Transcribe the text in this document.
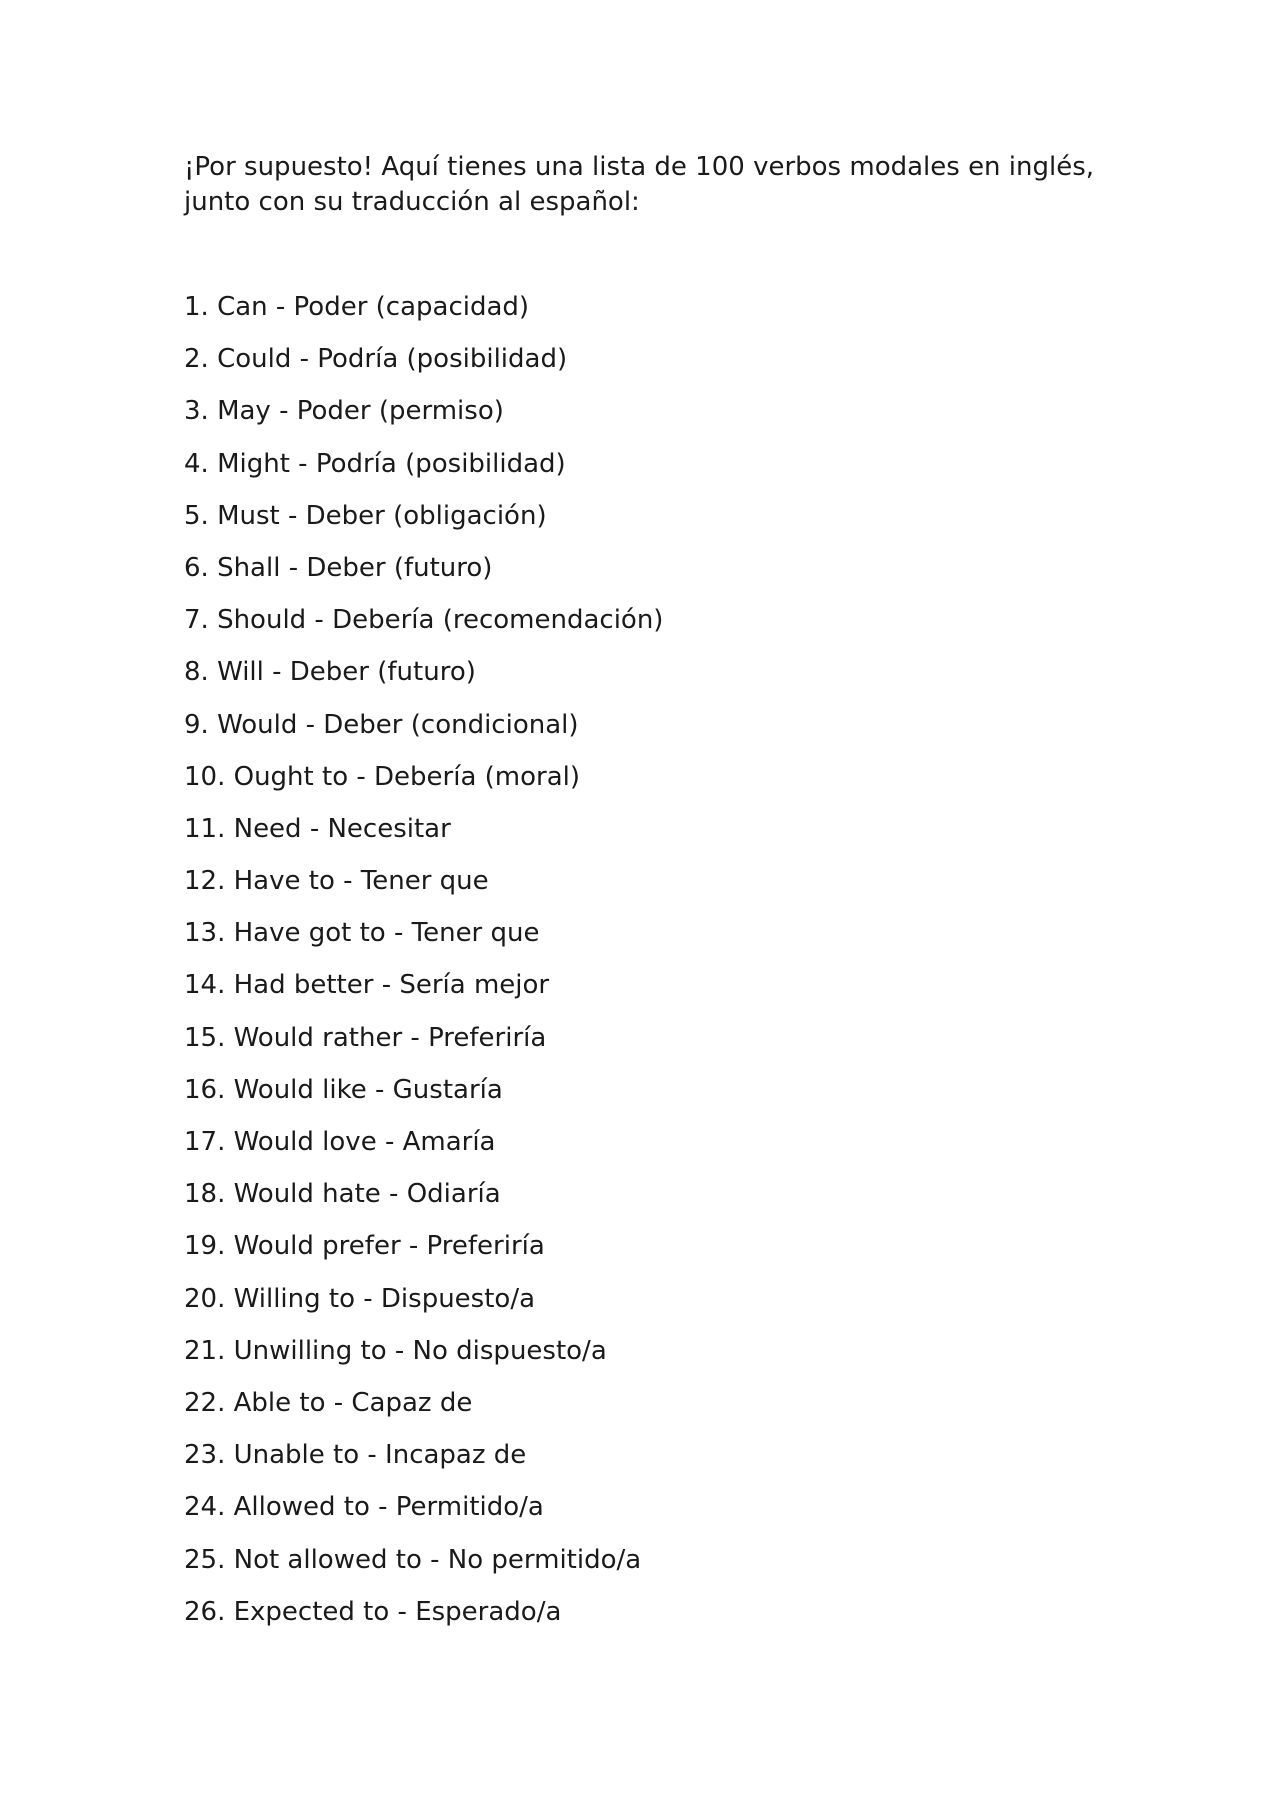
¡Por supuesto! Aquí tienes una lista de 100 verbos modales en inglés, junto con su traducción al español:

1. Can - Poder (capacidad)
2. Could - Podría (posibilidad)
3. May - Poder (permiso)
4. Might - Podría (posibilidad)
5. Must - Deber (obligación)
6. Shall - Deber (futuro)
7. Should - Debería (recomendación)
8. Will - Deber (futuro)
9. Would - Deber (condicional)
10. Ought to - Debería (moral)
11. Need - Necesitar
12. Have to - Tener que
13. Have got to - Tener que
14. Had better - Sería mejor
15. Would rather - Preferiría
16. Would like - Gustaría
17. Would love - Amaría
18. Would hate - Odiaría
19. Would prefer - Preferiría
20. Willing to - Dispuesto/a
21. Unwilling to - No dispuesto/a
22. Able to - Capaz de
23. Unable to - Incapaz de
24. Allowed to - Permitido/a
25. Not allowed to - No permitido/a
26. Expected to - Esperado/a
